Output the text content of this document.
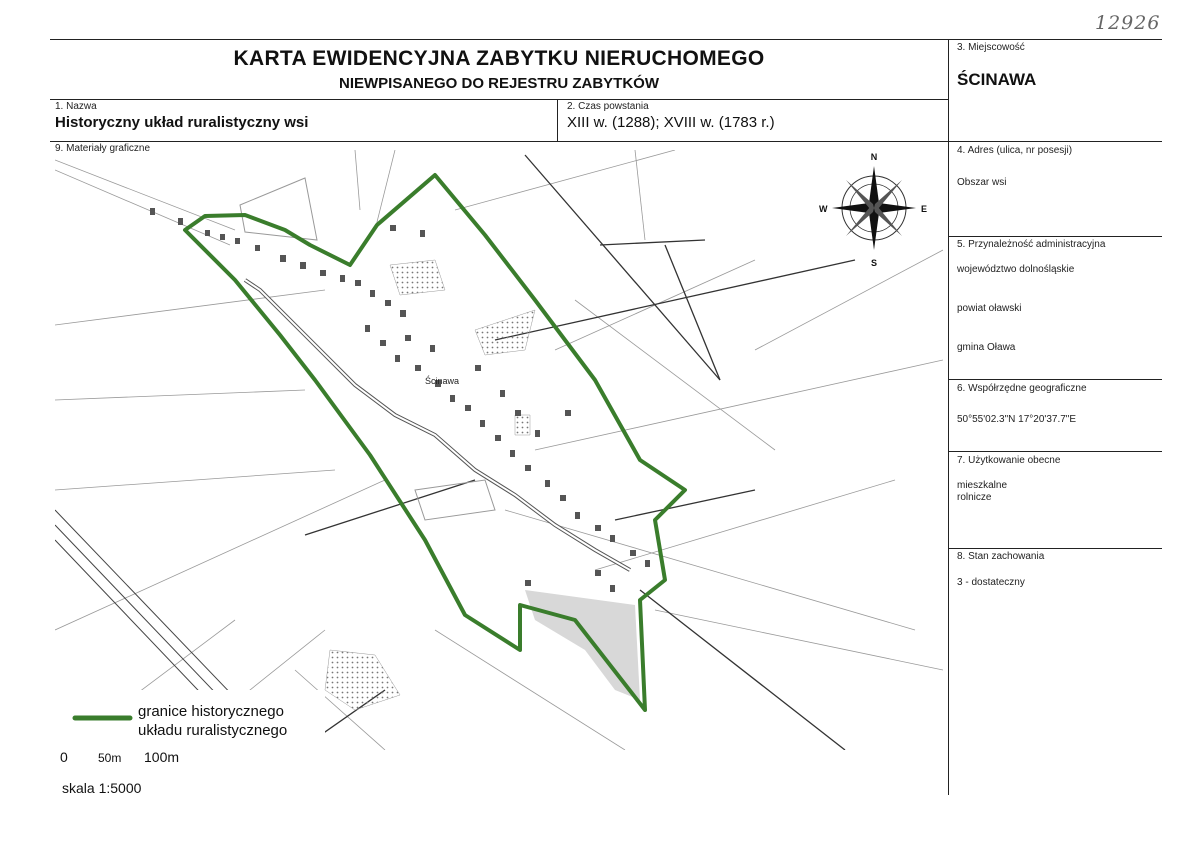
12926
KARTA EWIDENCYJNA ZABYTKU NIERUCHOMEGO
NIEWPISANEGO DO REJESTRU ZABYTKÓW
1. Nazwa
Historyczny układ ruralistyczny wsi
2. Czas powstania
XIII w. (1288); XVIII w. (1783 r.)
3. Miejscowość
ŚCINAWA
4. Adres (ulica, nr posesji)
Obszar wsi
5. Przynależność administracyjna
województwo dolnośląskie
powiat oławski
gmina Oława
6. Współrzędne geograficzne
50°55'02.3"N 17°20'37.7"E
7. Użytkowanie obecne
mieszkalne
rolnicze
8. Stan zachowania
3 - dostateczny
9. Materiały graficzne
Ścinawa
N
S
E
W
granice historycznego
układu ruralistycznego
0	50m 100m
skala 1:5000
